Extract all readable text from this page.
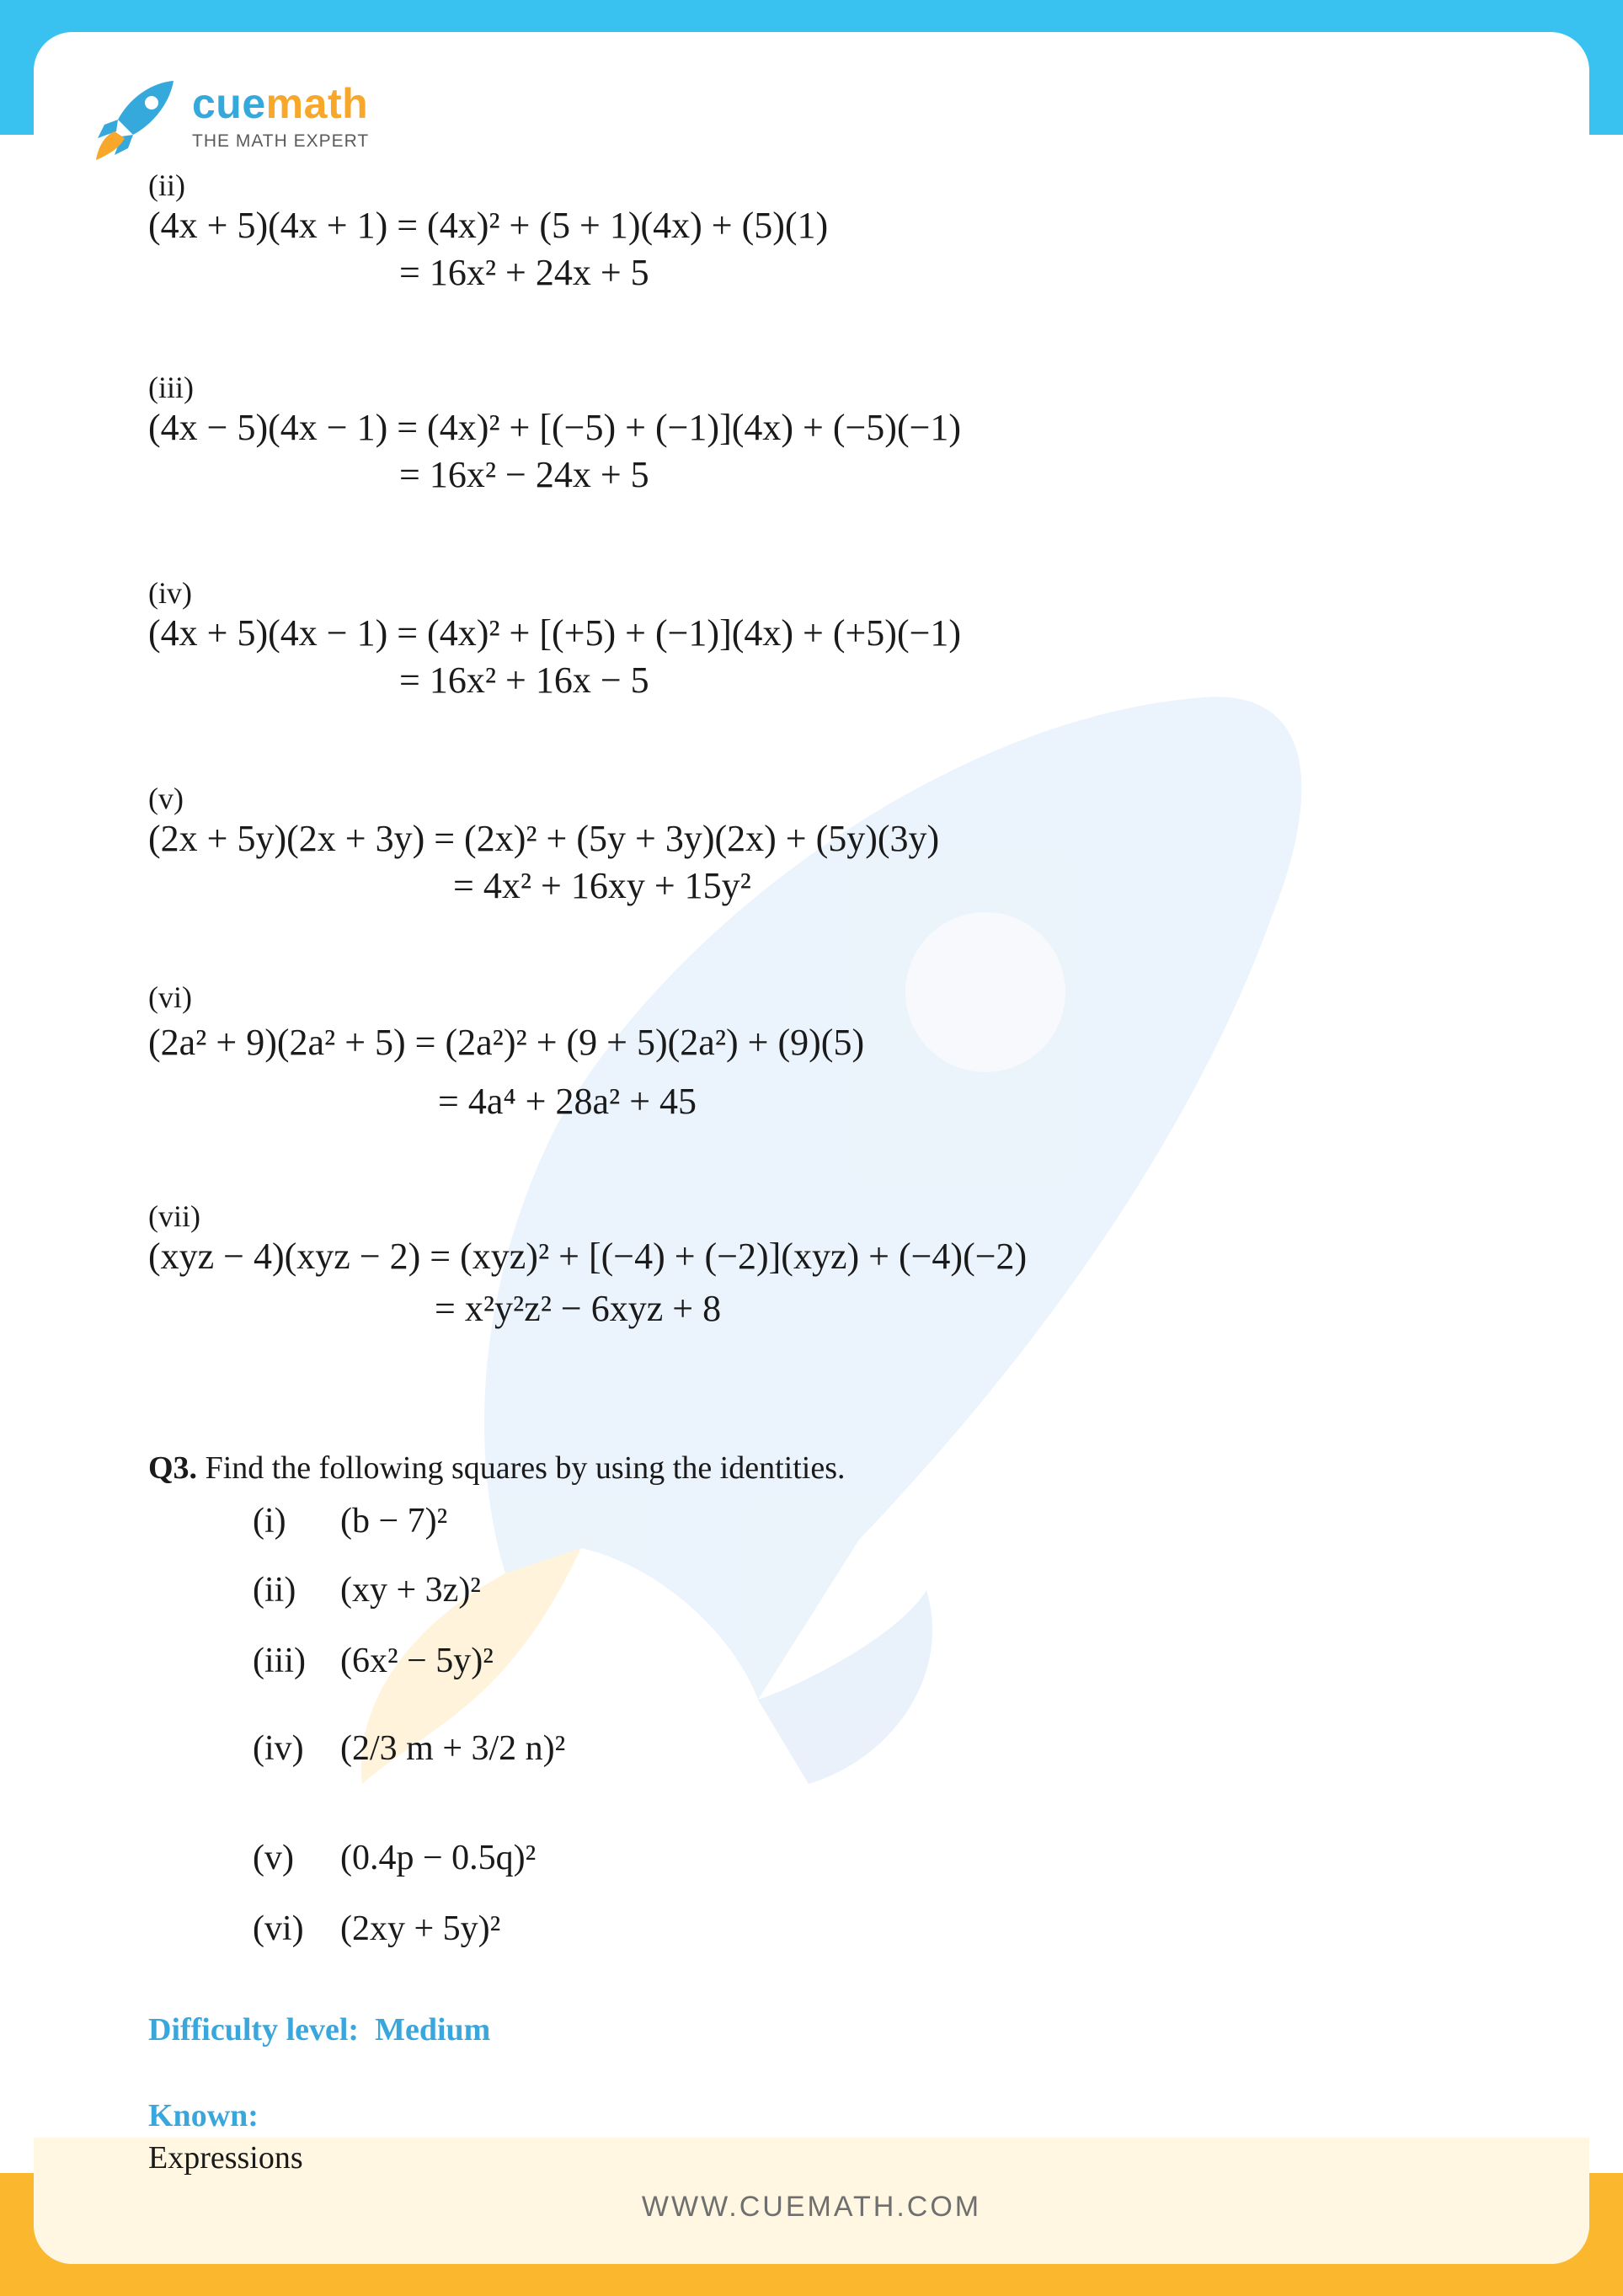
WWW.CUEMATH.COM
cuemath
THE MATH EXPERT
(ii)
(4x + 5)(4x + 1) = (4x)² + (5 + 1)(4x) + (5)(1)
= 16x² + 24x + 5
(iii)
(4x − 5)(4x − 1) = (4x)² + [(−5) + (−1)](4x) + (−5)(−1)
= 16x² − 24x + 5
(iv)
(4x + 5)(4x − 1) = (4x)² + [(+5) + (−1)](4x) + (+5)(−1)
= 16x² + 16x − 5
(v)
(2x + 5y)(2x + 3y) = (2x)² + (5y + 3y)(2x) + (5y)(3y)
= 4x² + 16xy + 15y²
(vi)
(2a² + 9)(2a² + 5) = (2a²)² + (9 + 5)(2a²) + (9)(5)
= 4a⁴ + 28a² + 45
(vii)
(xyz − 4)(xyz − 2) = (xyz)² + [(−4) + (−2)](xyz) + (−4)(−2)
= x²y²z² − 6xyz + 8
Q3. Find the following squares by using the identities.
(i) (b − 7)²
(ii) (xy + 3z)²
(iii) (6x² − 5y)²
(iv) (2/3 m + 3/2 n)²
(v) (0.4p − 0.5q)²
(vi) (2xy + 5y)²
Difficulty level: Medium
Known:
Expressions
